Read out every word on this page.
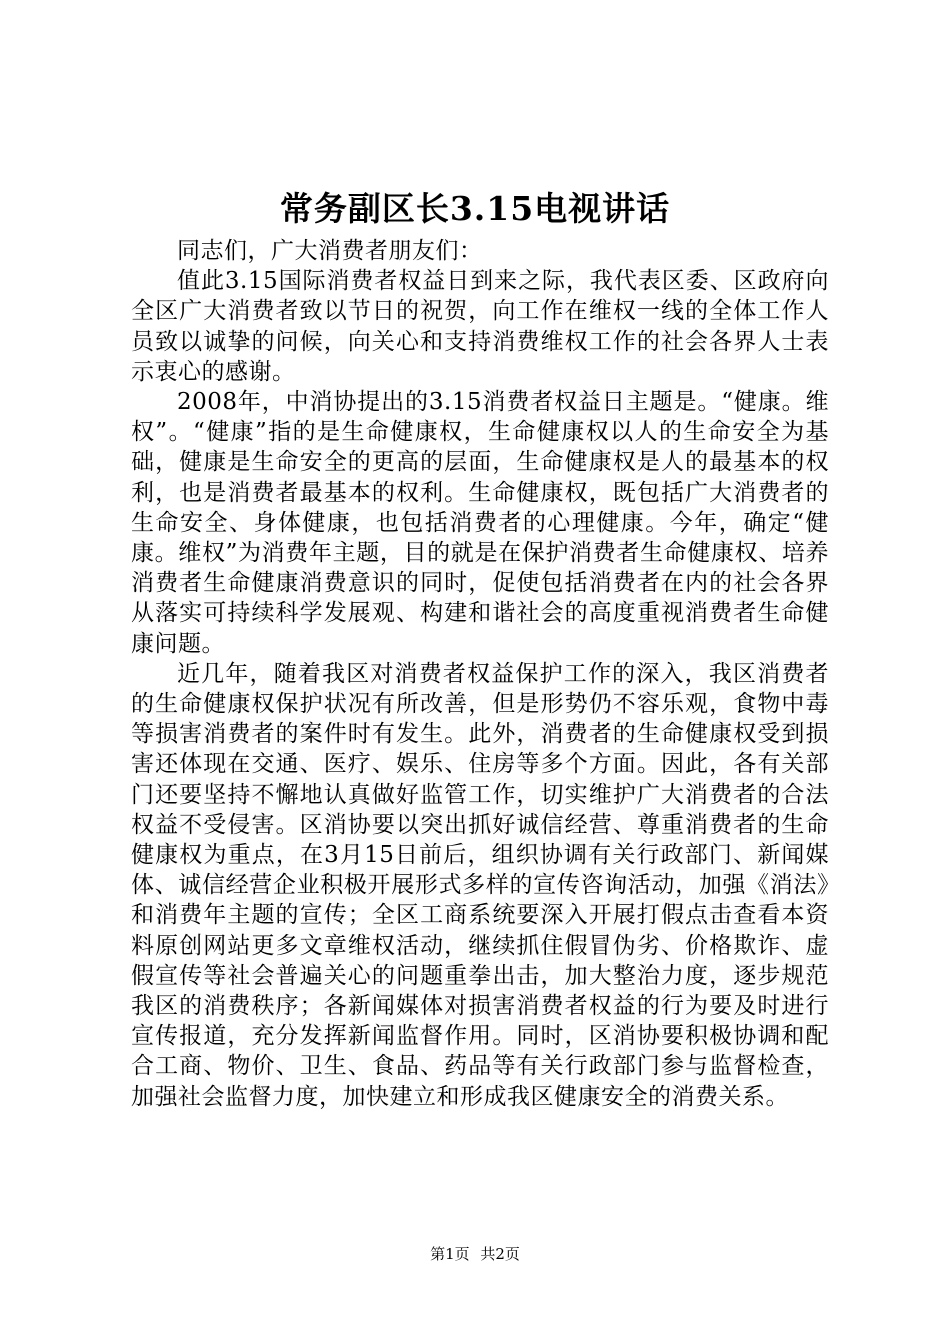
常务副区长3.15电视讲话

同志们，广大消费者朋友们：

值此3.15国际消费者权益日到来之际，我代表区委、区政府向全区广大消费者致以节日的祝贺，向工作在维权一线的全体工作人员致以诚挚的问候，向关心和支持消费维权工作的社会各界人士表示衷心的感谢。

2008年，中消协提出的3.15消费者权益日主题是。“健康。维权”。“健康”指的是生命健康权，生命健康权以人的生命安全为基础，健康是生命安全的更高的层面，生命健康权是人的最基本的权利，也是消费者最基本的权利。生命健康权，既包括广大消费者的生命安全、身体健康，也包括消费者的心理健康。今年，确定“健康。维权”为消费年主题，目的就是在保护消费者生命健康权、培养消费者生命健康消费意识的同时，促使包括消费者在内的社会各界从落实可持续科学发展观、构建和谐社会的高度重视消费者生命健康问题。

近几年，随着我区对消费者权益保护工作的深入，我区消费者的生命健康权保护状况有所改善，但是形势仍不容乐观，食物中毒等损害消费者的案件时有发生。此外，消费者的生命健康权受到损害还体现在交通、医疗、娱乐、住房等多个方面。因此，各有关部门还要坚持不懈地认真做好监管工作，切实维护广大消费者的合法权益不受侵害。区消协要以突出抓好诚信经营、尊重消费者的生命健康权为重点，在3月15日前后，组织协调有关行政部门、新闻媒体、诚信经营企业积极开展形式多样的宣传咨询活动，加强《消法》和消费年主题的宣传；全区工商系统要深入开展打假点击查看本资料原创网站更多文章维权活动，继续抓住假冒伪劣、价格欺诈、虚假宣传等社会普遍关心的问题重拳出击，加大整治力度，逐步规范我区的消费秩序；各新闻媒体对损害消费者权益的行为要及时进行宣传报道，充分发挥新闻监督作用。同时，区消协要积极协调和配合工商、物价、卫生、食品、药品等有关行政部门参与监督检查，加强社会监督力度，加快建立和形成我区健康安全的消费关系。

第1页 共2页
